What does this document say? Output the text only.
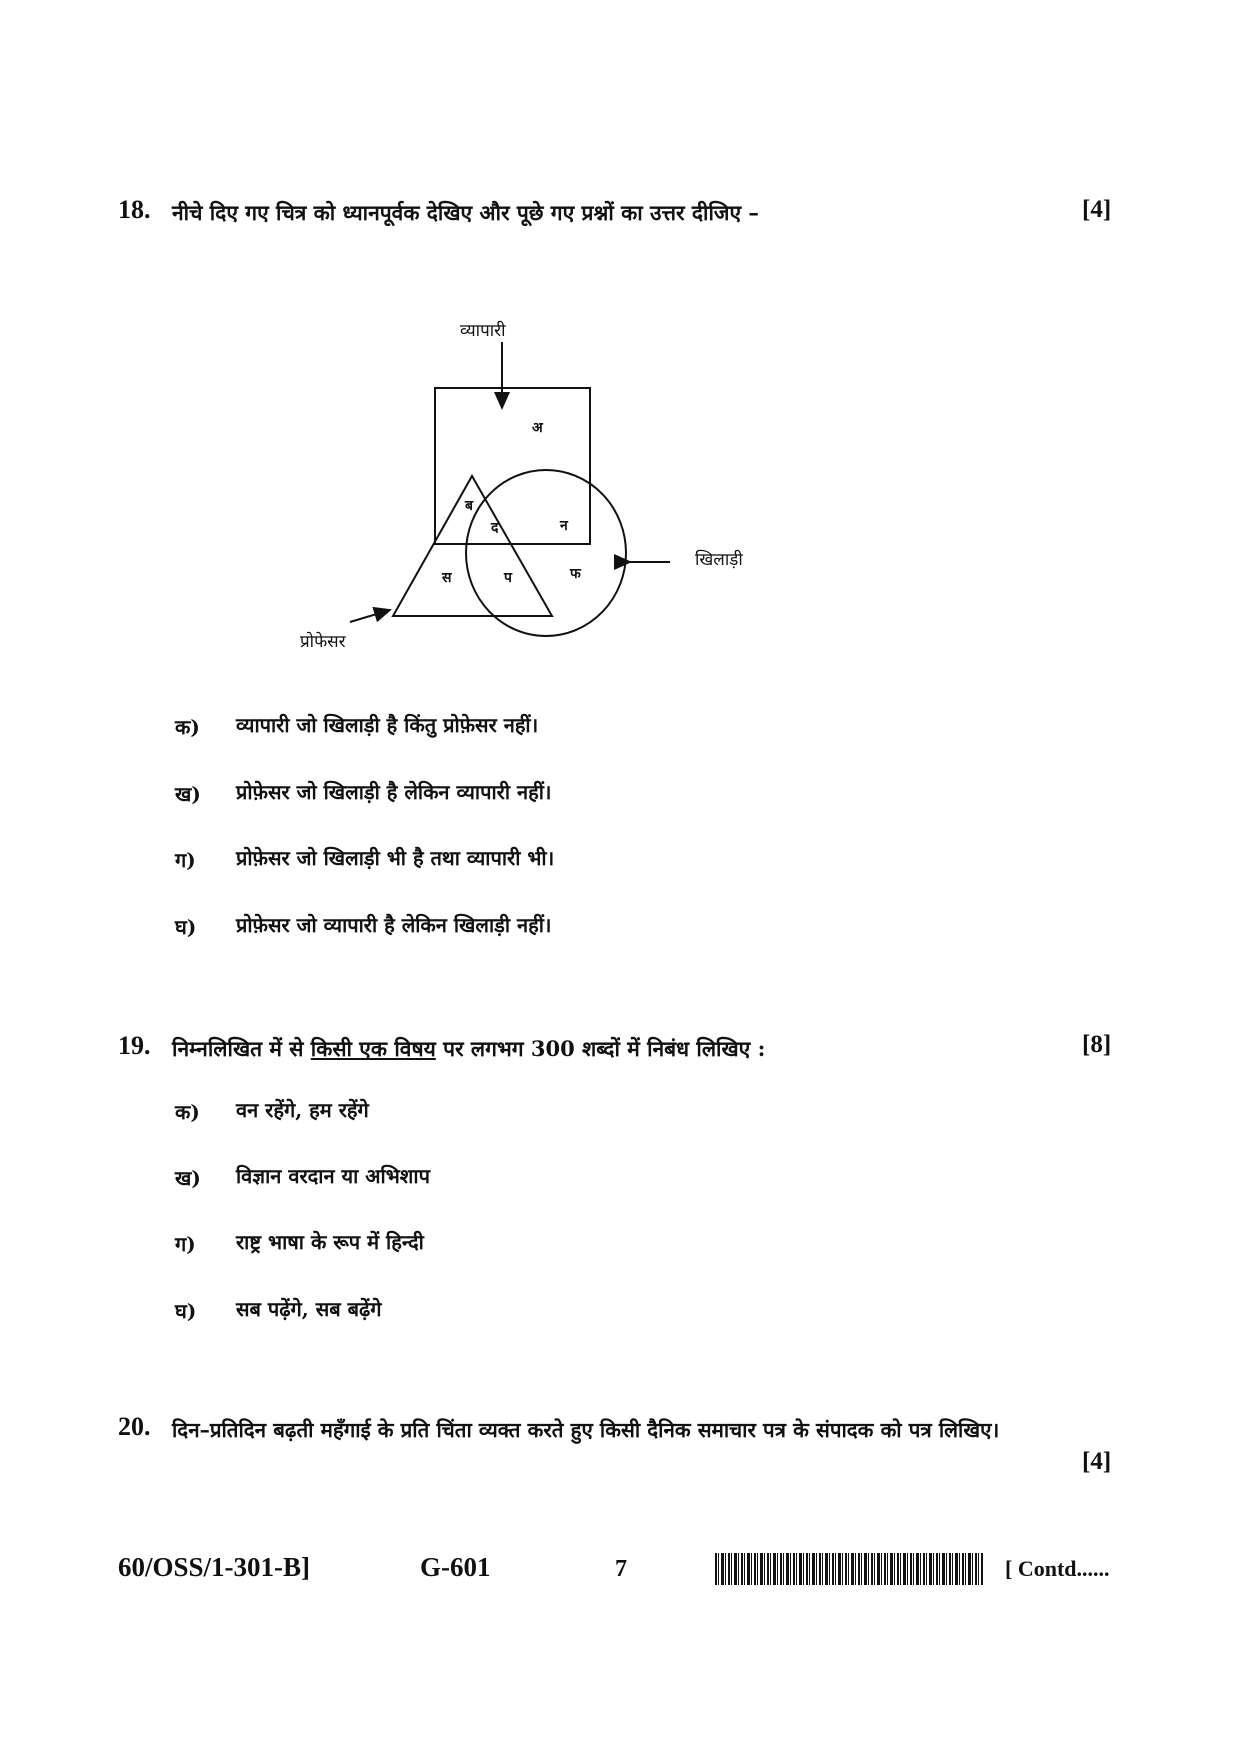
18. नीचे दिए गए चित्र को ध्यानपूर्वक देखिए और पूछे गए प्रश्नों का उत्तर दीजिए –	[4]
व्यापारी
खिलाड़ी
प्रोफेसर
अ
ब
द	न
स	प	फ
क) व्यापारी जो खिलाड़ी है किंतु प्रोफ़ेसर नहीं।
ख) प्रोफ़ेसर जो खिलाड़ी है लेकिन व्यापारी नहीं।
ग) प्रोफ़ेसर जो खिलाड़ी भी है तथा व्यापारी भी।
घ) प्रोफ़ेसर जो व्यापारी है लेकिन खिलाड़ी नहीं।
19. निम्नलिखित में से किसी एक विषय पर लगभग 300 शब्दों में निबंध लिखिए :	[8]
क) वन रहेंगे, हम रहेंगे
ख) विज्ञान वरदान या अभिशाप
ग) राष्ट्र भाषा के रूप में हिन्दी
घ) सब पढ़ेंगे, सब बढ़ेंगे
20. दिन–प्रतिदिन बढ़ती महँगाई के प्रति चिंता व्यक्त करते हुए किसी दैनिक समाचार पत्र के संपादक को पत्र लिखिए।
[4]
60/OSS/1-301-B]	G-601	7	[ Contd......
